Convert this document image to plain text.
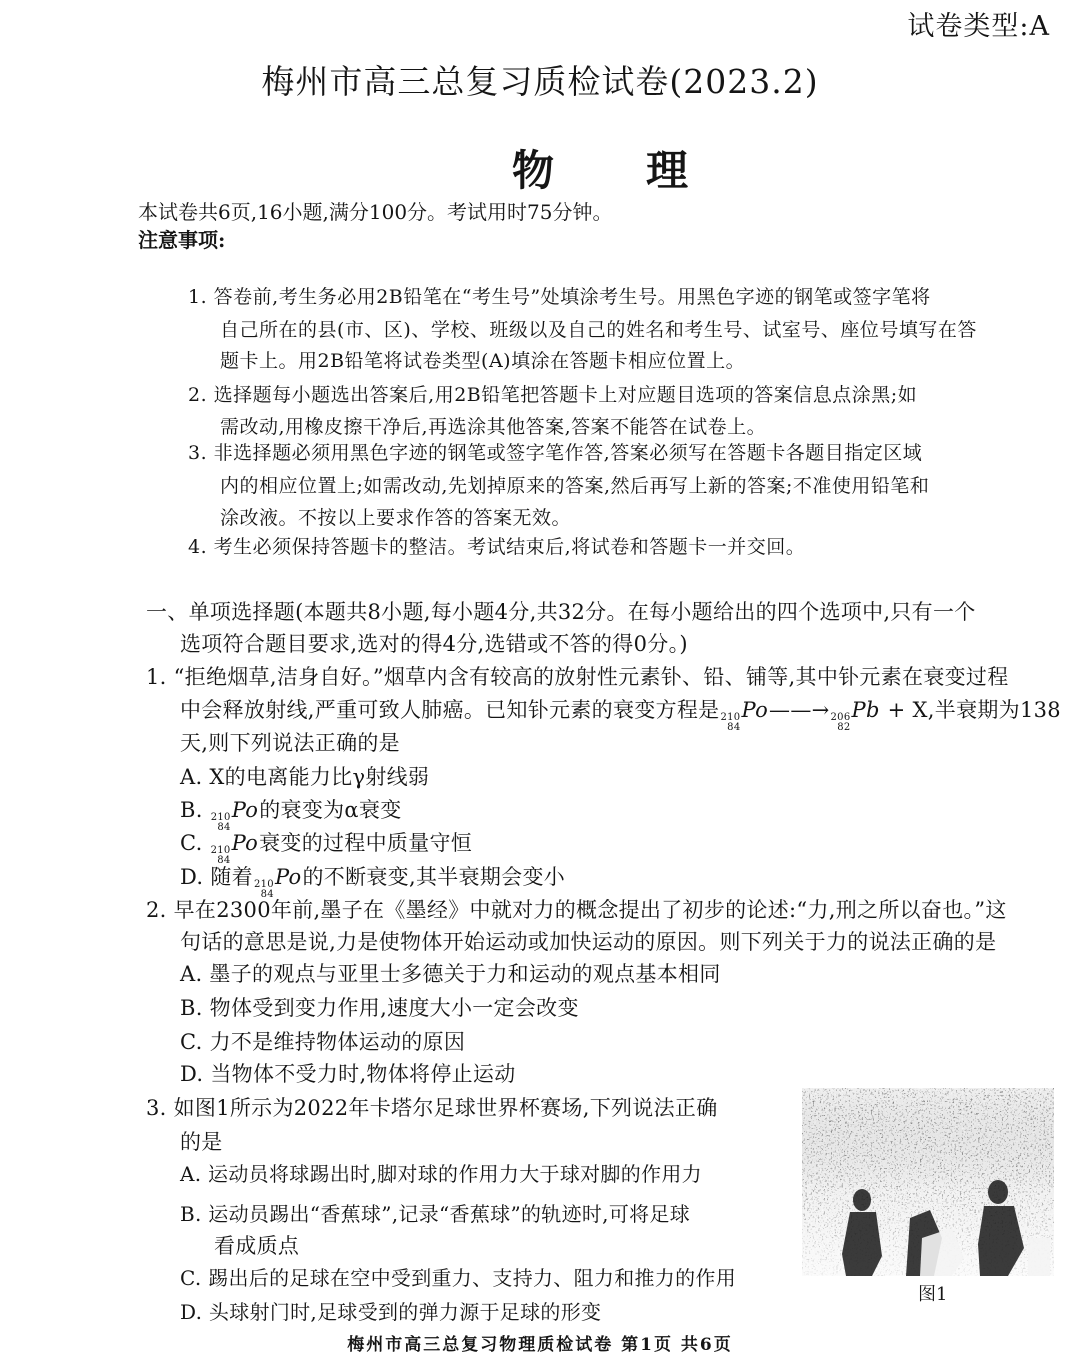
试卷类型:A
梅州市高三总复习质检试卷(2023.2)
物 理
本试卷共6页,16小题,满分100分。考试用时75分钟。
注意事项:
1. 答卷前,考生务必用2B铅笔在“考生号”处填涂考生号。用黑色字迹的钢笔或签字笔将
自己所在的县(市、区)、学校、班级以及自己的姓名和考生号、试室号、座位号填写在答
题卡上。用2B铅笔将试卷类型(A)填涂在答题卡相应位置上。
2. 选择题每小题选出答案后,用2B铅笔把答题卡上对应题目选项的答案信息点涂黑;如
需改动,用橡皮擦干净后,再选涂其他答案,答案不能答在试卷上。
3. 非选择题必须用黑色字迹的钢笔或签字笔作答,答案必须写在答题卡各题目指定区域
内的相应位置上;如需改动,先划掉原来的答案,然后再写上新的答案;不准使用铅笔和
涂改液。不按以上要求作答的答案无效。
4. 考生必须保持答题卡的整洁。考试结束后,将试卷和答题卡一并交回。
一、单项选择题(本题共8小题,每小题4分,共32分。在每小题给出的四个选项中,只有一个
选项符合题目要求,选对的得4分,选错或不答的得0分。)
1. “拒绝烟草,洁身自好。”烟草内含有较高的放射性元素钋、铅、铺等,其中钋元素在衰变过程
中会释放射线,严重可致人肺癌。已知钋元素的衰变方程是 210
84
Po——→ 206
82
Pb + X,半衰期为138
天,则下列说法正确的是
A. X的电离能力比γ射线弱
B. 210
84
Po的衰变为α衰变
C. 210
84
Po衰变的过程中质量守恒
D. 随着 210
84
Po的不断衰变,其半衰期会变小
2. 早在2300年前,墨子在《墨经》中就对力的概念提出了初步的论述:“力,刑之所以奋也。”这
句话的意思是说,力是使物体开始运动或加快运动的原因。则下列关于力的说法正确的是
A. 墨子的观点与亚里士多德关于力和运动的观点基本相同
B. 物体受到变力作用,速度大小一定会改变
C. 力不是维持物体运动的原因
D. 当物体不受力时,物体将停止运动
3. 如图1所示为2022年卡塔尔足球世界杯赛场,下列说法正确
的是
A. 运动员将球踢出时,脚对球的作用力大于球对脚的作用力
B. 运动员踢出“香蕉球”,记录“香蕉球”的轨迹时,可将足球
看成质点
C. 踢出后的足球在空中受到重力、支持力、阻力和推力的作用
D. 头球射门时,足球受到的弹力源于足球的形变
图1
梅州市高三总复习物理质检试卷 第1页 共6页
